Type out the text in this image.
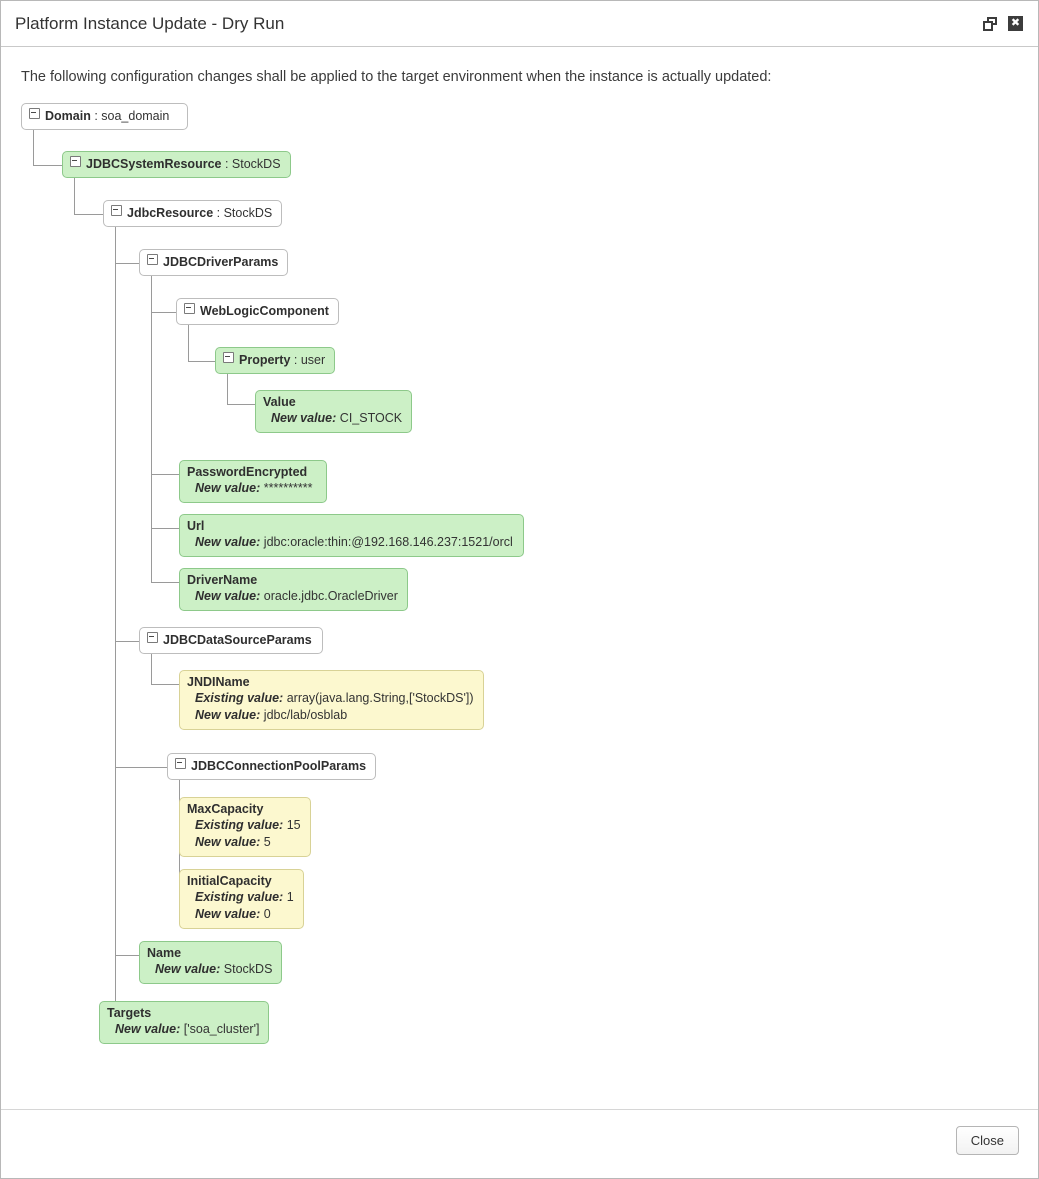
Platform Instance Update - Dry Run	✖

The following configuration changes shall be applied to the target environment when the instance is actually updated:

Domain : soa_domain
JDBCSystemResource : StockDS
JdbcResource : StockDS
JDBCDriverParams
WebLogicComponent
Property : user
Value
New value: CI_STOCK
PasswordEncrypted
New value: **********
Url
New value: jdbc:oracle:thin:@192.168.146.237:1521/orcl
DriverName
New value: oracle.jdbc.OracleDriver
JDBCDataSourceParams
JNDIName
Existing value: array(java.lang.String,['StockDS'])
New value: jdbc/lab/osblab
JDBCConnectionPoolParams
MaxCapacity
Existing value: 15
New value: 5
InitialCapacity
Existing value: 1
New value: 0
Name
New value: StockDS
Targets
New value: ['soa_cluster']
Close
